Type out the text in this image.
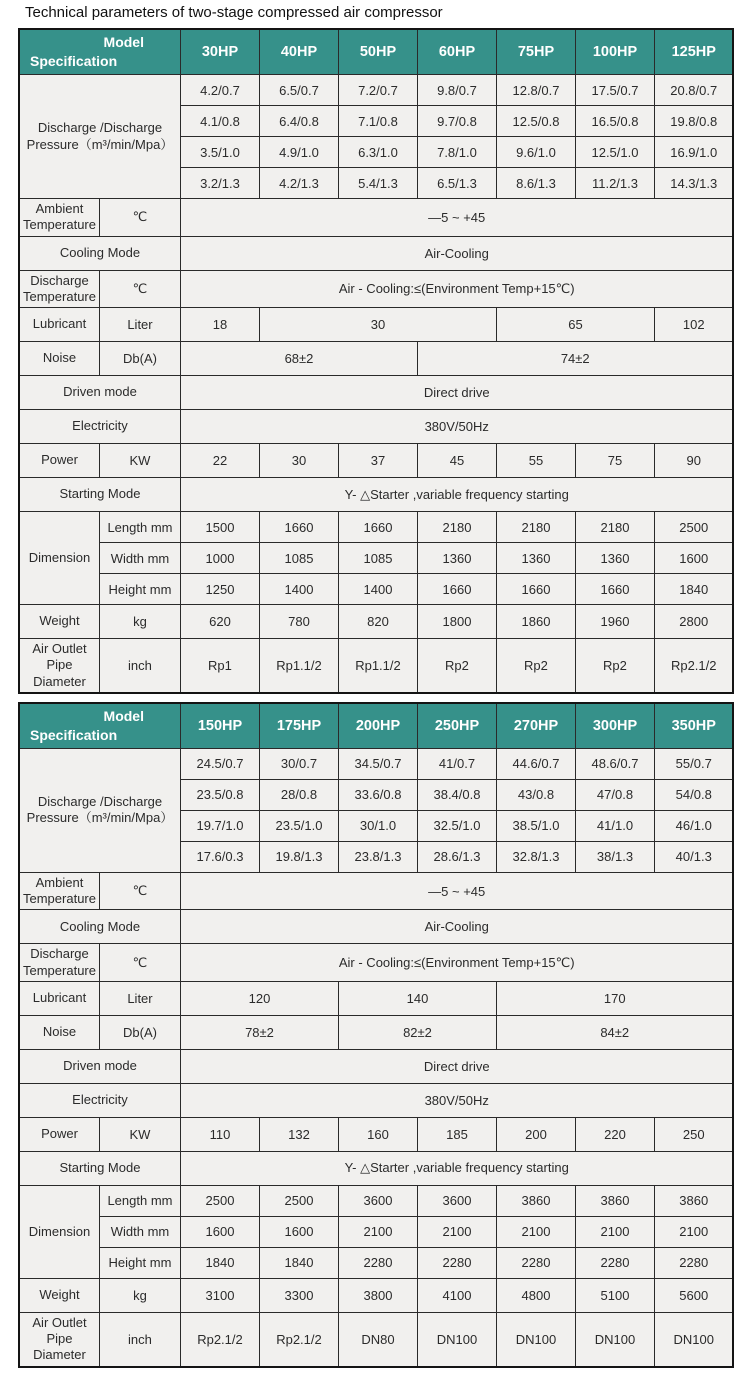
Technical parameters of two-stage compressed air compressor
Model
Specification		30HP	40HP	50HP	60HP	75HP	100HP	125HP
Discharge /Discharge Pressure（m³/min/Mpa）		4.2/0.7	6.5/0.7	7.2/0.7	9.8/0.7	12.8/0.7	17.5/0.7	20.8/0.7
		4.1/0.8	6.4/0.8	7.1/0.8	9.7/0.8	12.5/0.8	16.5/0.8	19.8/0.8
		3.5/1.0	4.9/1.0	6.3/1.0	7.8/1.0	9.6/1.0	12.5/1.0	16.9/1.0
		3.2/1.3	4.2/1.3	5.4/1.3	6.5/1.3	8.6/1.3	11.2/1.3	14.3/1.3
Ambient Temperature	℃	—5 ~ +45						
Cooling Mode		Air-Cooling						
Discharge Temperature	℃	Air - Cooling:≤(Environment Temp+15℃)						
Lubricant	Liter	18	30			65		102
Noise	Db(A)	68±2			74±2			
Driven mode		Direct drive						
Electricity		380V/50Hz						
Power	KW	22	30	37	45	55	75	90
Starting Mode		Y- △Starter ,variable frequency starting						
Dimension	Length mm	1500	1660	1660	2180	2180	2180	2500
	Width mm	1000	1085	1085	1360	1360	1360	1600
	Height mm	1250	1400	1400	1660	1660	1660	1840
Weight	kg	620	780	820	1800	1860	1960	2800
Air Outlet Pipe Diameter	inch	Rp1	Rp1.1/2	Rp1.1/2	Rp2	Rp2	Rp2	Rp2.1/2
Model
Specification		150HP	175HP	200HP	250HP	270HP	300HP	350HP
Discharge /Discharge Pressure（m³/min/Mpa）		24.5/0.7	30/0.7	34.5/0.7	41/0.7	44.6/0.7	48.6/0.7	55/0.7
		23.5/0.8	28/0.8	33.6/0.8	38.4/0.8	43/0.8	47/0.8	54/0.8
		19.7/1.0	23.5/1.0	30/1.0	32.5/1.0	38.5/1.0	41/1.0	46/1.0
		17.6/0.3	19.8/1.3	23.8/1.3	28.6/1.3	32.8/1.3	38/1.3	40/1.3
Ambient Temperature	℃	—5 ~ +45						
Cooling Mode		Air-Cooling						
Discharge Temperature	℃	Air - Cooling:≤(Environment Temp+15℃)						
Lubricant	Liter	120		140		170		
Noise	Db(A)	78±2		82±2		84±2		
Driven mode		Direct drive						
Electricity		380V/50Hz						
Power	KW	110	132	160	185	200	220	250
Starting Mode		Y- △Starter ,variable frequency starting						
Dimension	Length mm	2500	2500	3600	3600	3860	3860	3860
	Width mm	1600	1600	2100	2100	2100	2100	2100
	Height mm	1840	1840	2280	2280	2280	2280	2280
Weight	kg	3100	3300	3800	4100	4800	5100	5600
Air Outlet Pipe Diameter	inch	Rp2.1/2	Rp2.1/2	DN80	DN100	DN100	DN100	DN100
